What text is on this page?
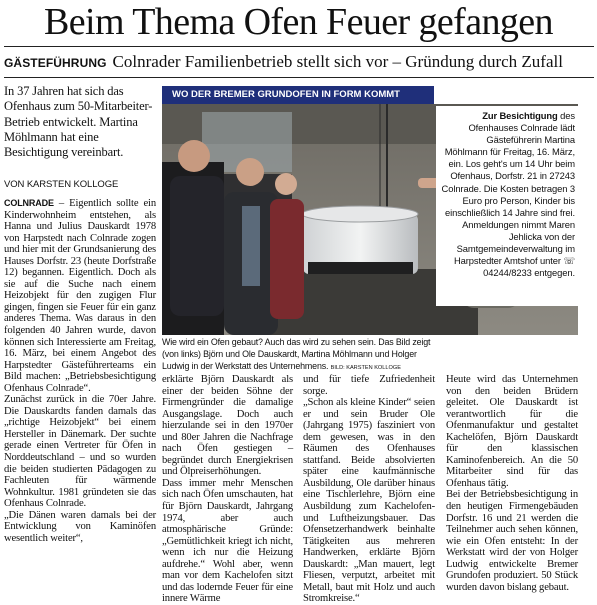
Beim Thema Ofen Feuer gefangen
GÄSTEFÜHRUNG Colnrader Familienbetrieb stellt sich vor – Gründung durch Zufall
In 37 Jahren hat sich das Ofenhaus zum 50-Mitarbeiter-Betrieb entwickelt. Martina Möhlmann hat eine Besichtigung vereinbart.
VON KARSTEN KOLLOGE
COLNRADE – Eigentlich sollte ein Kinderwohnheim entstehen, als Hanna und Julius Dauskardt 1978 von Harpstedt nach Colnrade zogen und hier mit der Grundsanierung des Hauses Dorfstr. 23 (heute Dorfstraße 12) begannen. Eigentlich. Doch als sie auf die Suche nach einem Heizobjekt für den zugigen Flur gingen, fingen sie Feuer für ein ganz anderes Thema. Was daraus in den folgenden 40 Jahren wurde, davon können sich Interessierte am Freitag, 16. März, bei einem Angebot des Harpstedter Gästeführerteams ein Bild machen: „Betriebsbesichtigung Ofenhaus Colnrade“.
Zunächst zurück in die 70er Jahre. Die Dauskardts fanden damals das „richtige Heizobjekt“ bei einem Hersteller in Dänemark. Der suchte gerade einen Vertreter für Öfen in Norddeutschland – und so wurden die beiden studierten Pädagogen zu Fachleuten für wärmende Wohnkultur. 1981 gründeten sie das Ofenhaus Colnrade.
„Die Dänen waren damals bei der Entwicklung von Kaminöfen wesentlich weiter“,
WO DER BREMER GRUNDOFEN IN FORM KOMMT
Zur Besichtigung des Ofenhauses Colnrade lädt Gästeführerin Martina Möhlmann für Freitag, 16. März, ein. Los geht's um 14 Uhr beim Ofenhaus, Dorfstr. 21 in 27243 Colnrade. Die Kosten betragen 3 Euro pro Person, Kinder bis einschließlich 14 Jahre sind frei. Anmeldungen nimmt Maren Jehlicka von der Samtgemeindeverwaltung im Harpstedter Amtshof unter ☏ 04244/8233 entgegen.
Wie wird ein Ofen gebaut? Auch das wird zu sehen sein. Das Bild zeigt (von links) Björn und Ole Dauskardt, Martina Möhlmann und Holger Ludwig in der Werkstatt des Unternehmens. BILD: KARSTEN KOLLOGE
erklärte Björn Dauskardt als einer der beiden Söhne der Firmengründer die damalige Ausgangslage. Doch auch hierzulande sei in den 1970er und 80er Jahren die Nachfrage nach Öfen gestiegen – begründet durch Energiekrisen und Ölpreiserhöhungen.
Dass immer mehr Menschen sich nach Öfen umschauten, hat für Björn Dauskardt, Jahrgang 1974, aber auch atmosphärische Gründe: „Gemütlichkeit kriegt ich nicht, wenn ich nur die Heizung aufdrehe.“ Wohl aber, wenn man vor dem Kachelofen sitzt und das lodernde Feuer für eine innere Wärme
und für tiefe Zufriedenheit sorge.
„Schon als kleine Kinder“ seien er und sein Bruder Ole (Jahrgang 1975) fasziniert von dem gewesen, was in den Räumen des Ofenhauses stattfand. Beide absolvierten später eine kaufmännische Ausbildung, Ole darüber hinaus eine Tischlerlehre, Björn eine Ausbildung zum Kachelofen- und Luftheizungsbauer. Das Ofensetzerhandwerk beinhalte Tätigkeiten aus mehreren Handwerken, erklärte Björn Dauskardt: „Man mauert, legt Fliesen, verputzt, arbeitet mit Metall, baut mit Holz und auch Stromkreise.“
Heute wird das Unternehmen von den beiden Brüdern geleitet. Ole Dauskardt ist verantwortlich für die Ofenmanufaktur und gestaltet Kachelöfen, Björn Dauskardt für den klassischen Kaminofenbereich. An die 50 Mitarbeiter sind für das Ofenhaus tätig.
Bei der Betriebsbesichtigung in den heutigen Firmengebäuden Dorfstr. 16 und 21 werden die Teilnehmer auch sehen können, wie ein Ofen entsteht: In der Werkstatt wird der von Holger Ludwig entwickelte Bremer Grundofen produziert. 50 Stück wurden davon bislang gebaut.
